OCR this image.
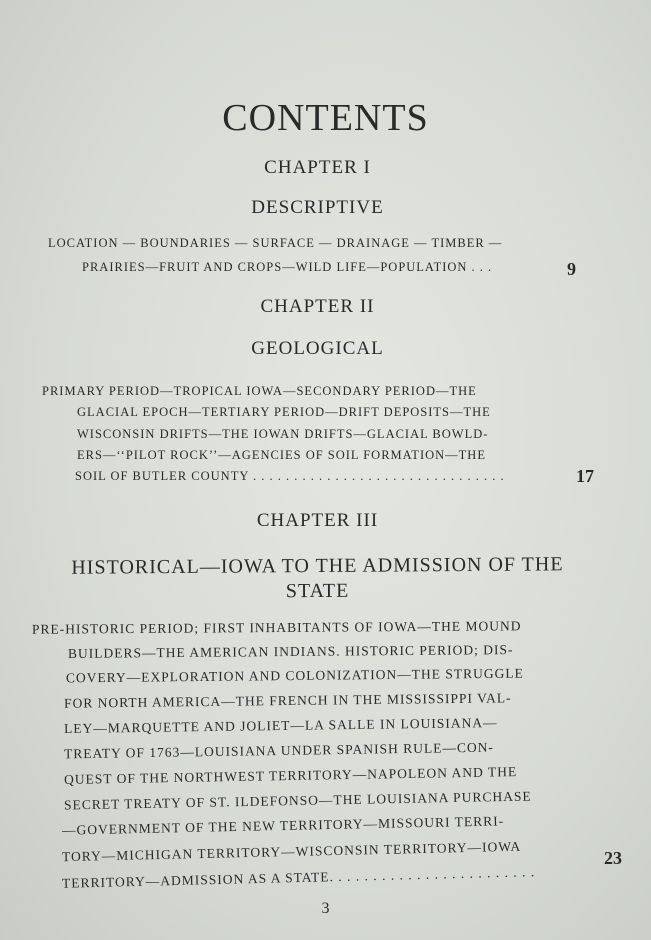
CONTENTS
CHAPTER I
DESCRIPTIVE
LOCATION — BOUNDARIES — SURFACE — DRAINAGE — TIMBER —
PRAIRIES—FRUIT AND CROPS—WILD LIFE—POPULATION . . .	9
CHAPTER II
GEOLOGICAL
PRIMARY PERIOD—TROPICAL IOWA—SECONDARY PERIOD—THE
GLACIAL EPOCH—TERTIARY PERIOD—DRIFT DEPOSITS—THE
WISCONSIN DRIFTS—THE IOWAN DRIFTS—GLACIAL BOWLD-
ERS—‘‘PILOT ROCK’’—AGENCIES OF SOIL FORMATION—THE
SOIL OF BUTLER COUNTY . . . . . . . . . . . . . . . . . . . . . . . . . . . . . . .	17
CHAPTER III
HISTORICAL—IOWA TO THE ADMISSION OF THE
STATE
PRE-HISTORIC PERIOD; FIRST INHABITANTS OF IOWA—THE MOUND
BUILDERS—THE AMERICAN INDIANS. HISTORIC PERIOD; DIS-
COVERY—EXPLORATION AND COLONIZATION—THE STRUGGLE
FOR NORTH AMERICA—THE FRENCH IN THE MISSISSIPPI VAL-
LEY—MARQUETTE AND JOLIET—LA SALLE IN LOUISIANA—
TREATY OF 1763—LOUISIANA UNDER SPANISH RULE—CON-
QUEST OF THE NORTHWEST TERRITORY—NAPOLEON AND THE
SECRET TREATY OF ST. ILDEFONSO—THE LOUISIANA PURCHASE
—GOVERNMENT OF THE NEW TERRITORY—MISSOURI TERRI-
TORY—MICHIGAN TERRITORY—WISCONSIN TERRITORY—IOWA
TERRITORY—ADMISSION AS A STATE. . . . . . . . . . . . . . . . . . . . . . . .
23
3
